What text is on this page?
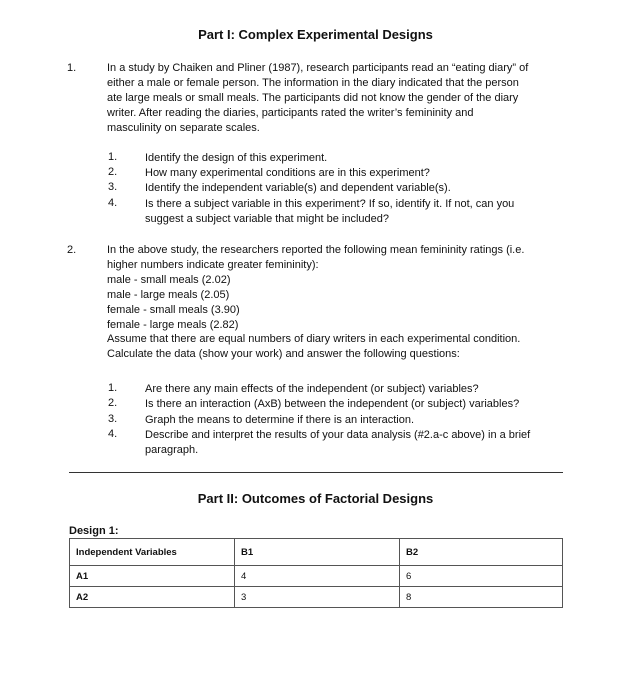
Part I: Complex Experimental Designs
1.	In a study by Chaiken and Pliner (1987), research participants read an “eating diary” of
either a male or female person. The information in the diary indicated that the person
ate large meals or small meals. The participants did not know the gender of the diary
writer. After reading the diaries, participants rated the writer’s femininity and
masculinity on separate scales.
1.	Identify the design of this experiment.
2.	How many experimental conditions are in this experiment?
3.	Identify the independent variable(s) and dependent variable(s).
4.	Is there a subject variable in this experiment? If so, identify it. If not, can you
suggest a subject variable that might be included?
2.	In the above study, the researchers reported the following mean femininity ratings (i.e.
higher numbers indicate greater femininity):
male - small meals (2.02)
male - large meals (2.05)
female - small meals (3.90)
female - large meals (2.82)
Assume that there are equal numbers of diary writers in each experimental condition.
Calculate the data (show your work) and answer the following questions:
1.	Are there any main effects of the independent (or subject) variables?
2.	Is there an interaction (AxB) between the independent (or subject) variables?
3.	Graph the means to determine if there is an interaction.
4.	Describe and interpret the results of your data analysis (#2.a-c above) in a brief
paragraph.
Part II: Outcomes of Factorial Designs
Design 1:
Independent Variables	B1	B2
A1	4	6
A2	3	8
